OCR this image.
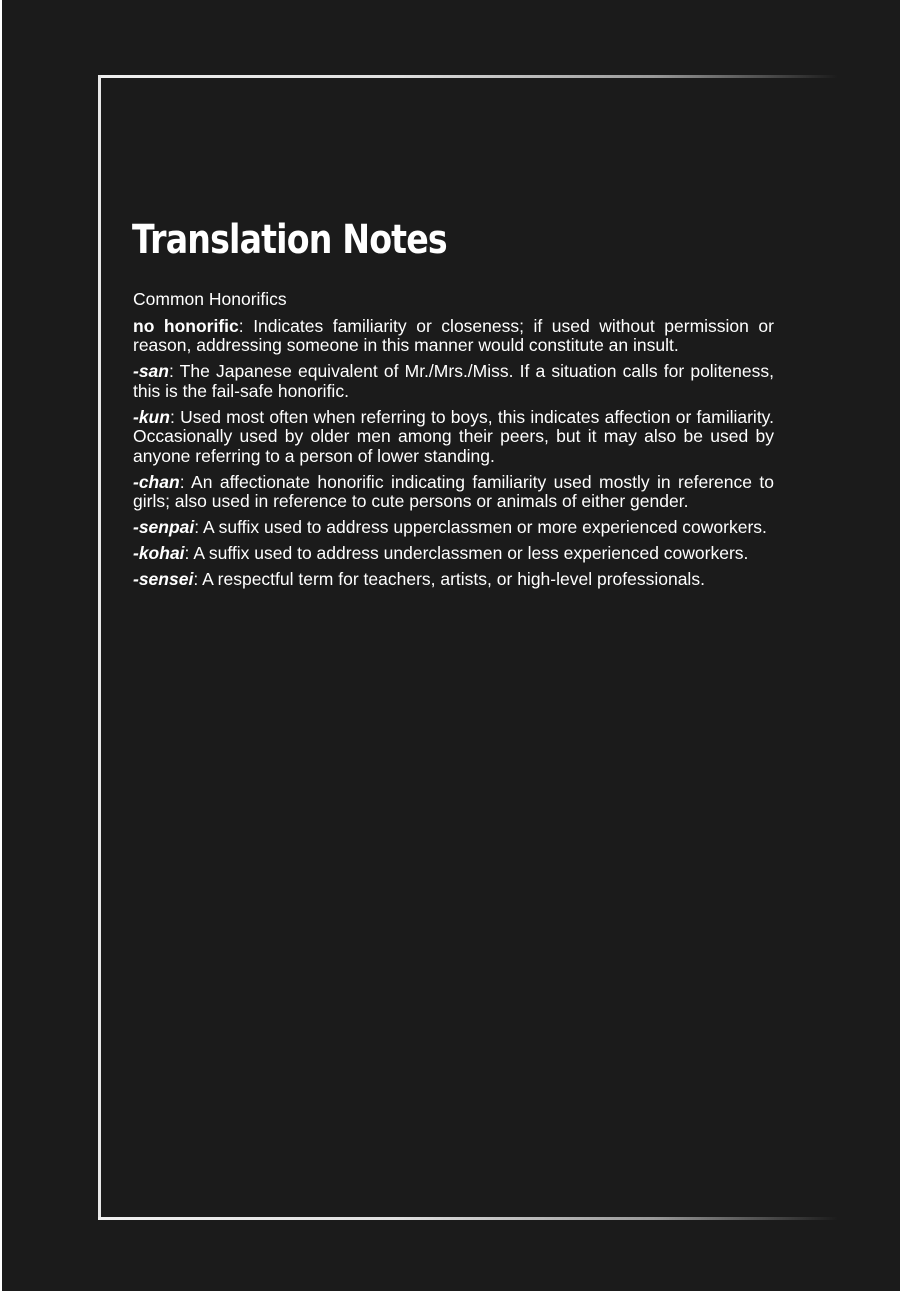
Translation Notes

Common Honorifics

no honorific: Indicates familiarity or closeness; if used without permission or reason, addressing someone in this manner would constitute an insult.

-san: The Japanese equivalent of Mr./Mrs./Miss. If a situation calls for politeness, this is the fail-safe honorific.

-kun: Used most often when referring to boys, this indicates affection or familiarity. Occasionally used by older men among their peers, but it may also be used by anyone referring to a person of lower standing.

-chan: An affectionate honorific indicating familiarity used mostly in reference to girls; also used in reference to cute persons or animals of either gender.

-senpai: A suffix used to address upperclassmen or more experienced coworkers.

-kohai: A suffix used to address underclassmen or less experienced coworkers.

-sensei: A respectful term for teachers, artists, or high-level professionals.
